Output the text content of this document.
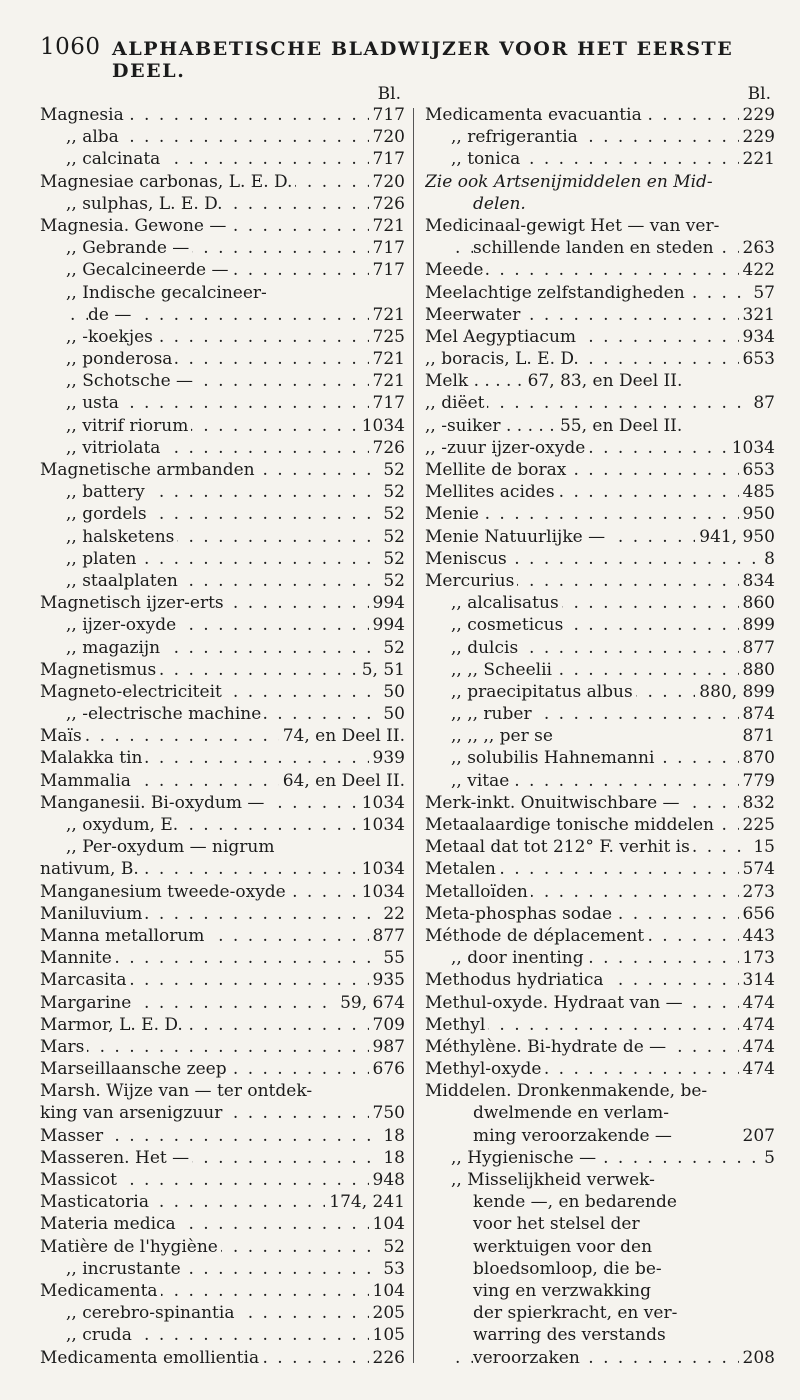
1060 ALPHABETISCHE BLADWIJZER VOOR HET EERSTE DEEL.
Bl.
Magnesia	717
. . .
,, alba	720
. . .
,, calcinata	717
. . .
Magnesiae carbonas, L. E. D.	720
. . .
,, sulphas, L. E. D.	726
. . .
Magnesia. Gewone —	721
. . .
,, Gebrande —	717
. . .
,, Gecalcineerde —	717
. . .
,, Indische gecalcineer-
de —	721
. . .
,, -koekjes	725
. . .
,, ponderosa	721
. . .
,, Schotsche —	721
. . .
,, usta	717
. . .
,, vitrif riorum	1034
. . .
,, vitriolata	726
. . .
Magnetische armbanden	52
. . .
,, battery	52
. . .
,, gordels	52
. . .
,, halsketens	52
. . .
,, platen	52
. . .
,, staalplaten	52
. . .
Magnetisch ijzer-erts	994
. . .
,, ijzer-oxyde	994
. . .
,, magazijn	52
. . .
Magnetismus	5, 51
. . .
Magneto-electriciteit	50
. . .
,, -electrische machine	50
. . .
Maïs	74, en Deel II.
. . .
Malakka tin	939
. . .
Mammalia	64, en Deel II.
. . .
Manganesii. Bi-oxydum —	1034
. . .
,, oxydum, E.	1034
. . .
,, Per-oxydum — nigrum
nativum, B.	1034
. . .
Manganesium tweede-oxyde	1034
. . .
Maniluvium	22
. . .
Manna metallorum	877
. . .
Mannite	55
. . .
Marcasita	935
. . .
Margarine	59, 674
. . .
Marmor, L. E. D.	709
. . .
Mars	987
. . .
Marseillaansche zeep	676
. . .
Marsh. Wijze van — ter ontdek-
king van arsenigzuur	750
. . .
Masser	18
. . .
Masseren. Het —	18
. . .
Massicot	948
. . .
Masticatoria	174, 241
. . .
Materia medica	104
. . .
Matière de l'hygiène	52
. . .
,, incrustante	53
. . .
Medicamenta	104
. . .
,, cerebro-spinantia	205
. . .
,, cruda	105
. . .
Medicamenta emollientia	226
. . .
Bl.
Medicamenta evacuantia	229
. . .
,, refrigerantia	229
. . .
,, tonica	221
. . .
Zie ook Artsenijmiddelen en Mid-
delen.
Medicinaal-gewigt Het — van ver-
schillende landen en steden 263
. . .
Meede	422
. . .
Meelachtige zelfstandigheden	57
. . .
Meerwater	321
. . .
Mel Aegyptiacum	934
. . .
,, boracis, L. E. D.	653
. . .
Melk . . . . . 67, 83, en Deel II.
,, diëet	87
. . .
,, -suiker . . . . . 55, en Deel II.
,, -zuur ijzer-oxyde	1034
. . .
Mellite de borax	653
. . .
Mellites acides	485
. . .
Menie	950
. . .
Menie Natuurlijke —	941, 950
. . .
Meniscus	8
. . .
Mercurius	834
. . .
,, alcalisatus	860
. . .
,, cosmeticus	899
. . .
,, dulcis	877
. . .
,, ,, Scheelii	880
. . .
,, praecipitatus albus	880, 899
. . .
,, ,, ruber	874
. . .
,, ,, ,, per se	871
,, solubilis Hahnemanni	870
. . .
,, vitae	779
. . .
Merk-inkt. Onuitwischbare —	832
. . .
Metaalaardige tonische middelen 225
. . .
Metaal dat tot 212° F. verhit is	15
. . .
Metalen	574
. . .
Metalloïden	273
. . .
Meta-phosphas sodae	656
. . .
Méthode de déplacement	443
. . .
,, door inenting	173
. . .
Methodus hydriatica	314
. . .
Methul-oxyde. Hydraat van —	474
. . .
Methyl	474
. . .
Méthylène. Bi-hydrate de —	474
. . .
Methyl-oxyde	474
. . .
Middelen. Dronkenmakende, be-
dwelmende en verlam-
ming veroorzakende —	207
,, Hygienische —	5
. . .
,, Misselijkheid verwek-
kende —, en bedarende
voor het stelsel der
werktuigen voor den
bloedsomloop, die be-
ving en verzwakking
der spierkracht, en ver-
warring des verstands
veroorzaken	208
. . .
